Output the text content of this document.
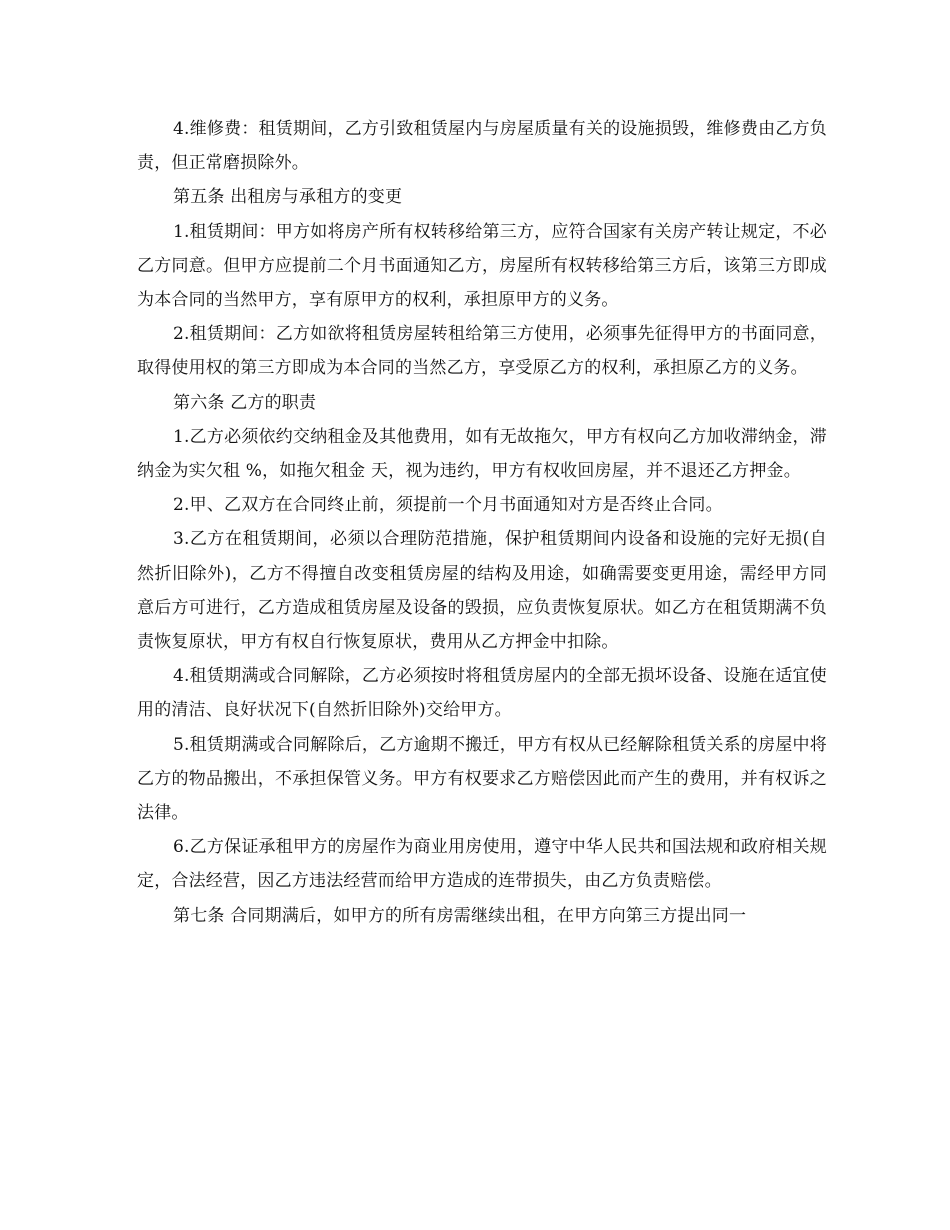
4.维修费：租赁期间，乙方引致租赁屋内与房屋质量有关的设施损毁，维修费由乙方负责，但正常磨损除外。

第五条 出租房与承租方的变更

1.租赁期间：甲方如将房产所有权转移给第三方，应符合国家有关房产转让规定，不必乙方同意。但甲方应提前二个月书面通知乙方，房屋所有权转移给第三方后，该第三方即成为本合同的当然甲方，享有原甲方的权利，承担原甲方的义务。

2.租赁期间：乙方如欲将租赁房屋转租给第三方使用，必须事先征得甲方的书面同意，取得使用权的第三方即成为本合同的当然乙方，享受原乙方的权利，承担原乙方的义务。

第六条 乙方的职责

1.乙方必须依约交纳租金及其他费用，如有无故拖欠，甲方有权向乙方加收滞纳金，滞纳金为实欠租 %，如拖欠租金 天，视为违约，甲方有权收回房屋，并不退还乙方押金。

2.甲、乙双方在合同终止前，须提前一个月书面通知对方是否终止合同。

3.乙方在租赁期间，必须以合理防范措施，保护租赁期间内设备和设施的完好无损(自然折旧除外)，乙方不得擅自改变租赁房屋的结构及用途，如确需要变更用途，需经甲方同意后方可进行，乙方造成租赁房屋及设备的毁损，应负责恢复原状。如乙方在租赁期满不负责恢复原状，甲方有权自行恢复原状，费用从乙方押金中扣除。

4.租赁期满或合同解除，乙方必须按时将租赁房屋内的全部无损坏设备、设施在适宜使用的清洁、良好状况下(自然折旧除外)交给甲方。

5.租赁期满或合同解除后，乙方逾期不搬迁，甲方有权从已经解除租赁关系的房屋中将乙方的物品搬出，不承担保管义务。甲方有权要求乙方赔偿因此而产生的费用，并有权诉之法律。

6.乙方保证承租甲方的房屋作为商业用房使用，遵守中华人民共和国法规和政府相关规定，合法经营，因乙方违法经营而给甲方造成的连带损失，由乙方负责赔偿。

第七条 合同期满后，如甲方的所有房需继续出租，在甲方向第三方提出同一
